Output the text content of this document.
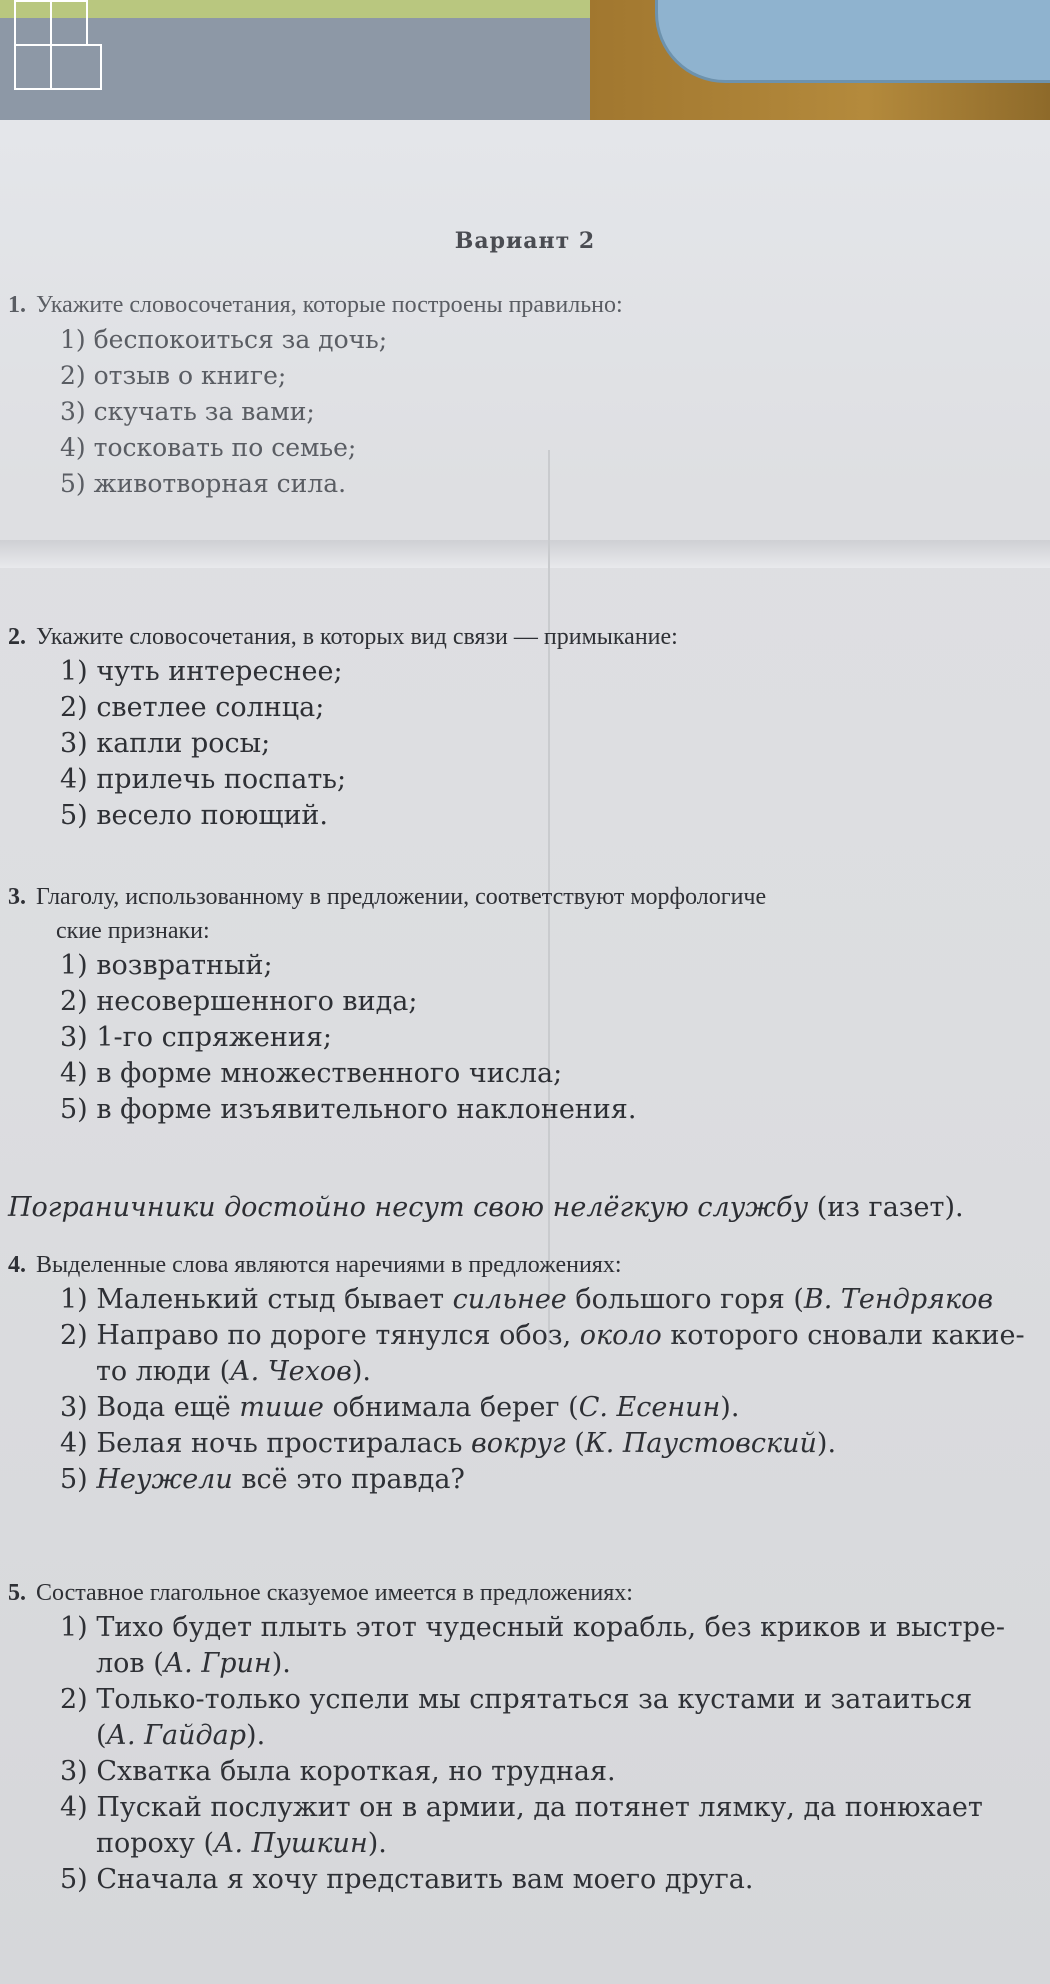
Вариант 2
1. Укажите словосочетания, которые построены правильно:
1) беспокоиться за дочь;
2) отзыв о книге;
3) скучать за вами;
4) тосковать по семье;
5) животворная сила.
2. Укажите словосочетания, в которых вид связи — примыкание:
1) чуть интереснее;
2) светлее солнца;
3) капли росы;
4) прилечь поспать;
5) весело поющий.
3. Глаголу, использованному в предложении, соответствуют морфологиче
ские признаки:
1) возвратный;
2) несовершенного вида;
3) 1-го спряжения;
4) в форме множественного числа;
5) в форме изъявительного наклонения.
Пограничники достойно несут свою нелёгкую службу (из газет).
4. Выделенные слова являются наречиями в предложениях:
1) Маленький стыд бывает сильнее большого горя (В. Тендряков
2) Направо по дороге тянулся обоз, около которого сновали какие-
то люди (А. Чехов).
3) Вода ещё тише обнимала берег (С. Есенин).
4) Белая ночь простиралась вокруг (К. Паустовский).
5) Неужели всё это правда?
5. Составное глагольное сказуемое имеется в предложениях:
1) Тихо будет плыть этот чудесный корабль, без криков и выстре-
лов (А. Грин).
2) Только-только успели мы спрятаться за кустами и затаиться
(А. Гайдар).
3) Схватка была короткая, но трудная.
4) Пускай послужит он в армии, да потянет лямку, да понюхает
пороху (А. Пушкин).
5) Сначала я хочу представить вам моего друга.
